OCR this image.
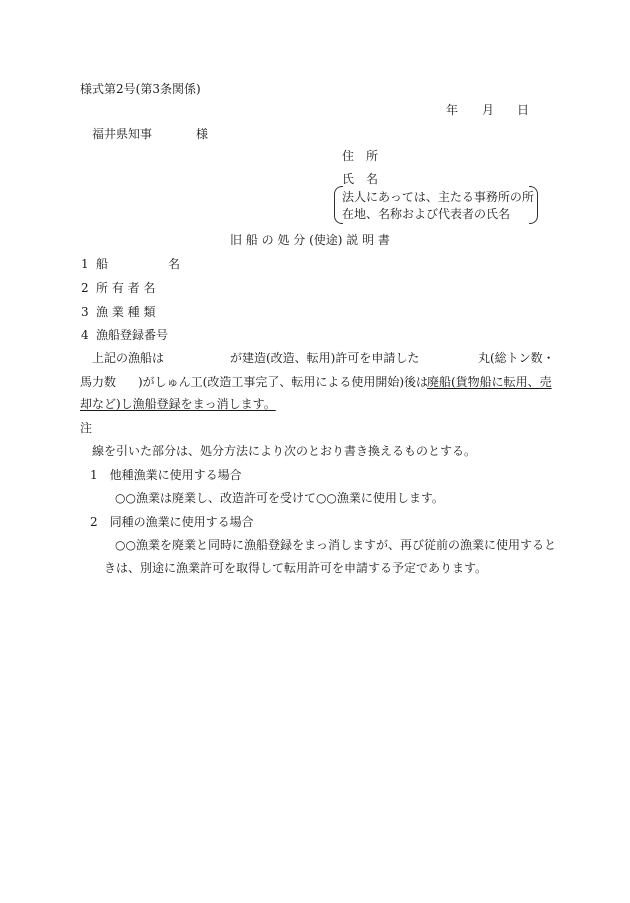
様式第2号(第3条関係)
年 月 日
福井県知事	様
住　所
氏　名
法人にあっては、主たる事務所の所
在地、名称および代表者の氏名
旧 船 の 処 分 (使途) 説 明 書
1 船　　　　　名
2 所 有 者 名
3 漁 業 種 類
4 漁船登録番号
上記の漁船は	が建造(改造、転用)許可を申請した	丸(総トン数・
馬力数 )がしゅん工(改造工事完了、転用による使用開始)後は
廃船(貨物船に転用、売
却など)し漁船登録をまっ消します。
注
線を引いた部分は、処分方法により次のとおり書き換えるものとする。
1　他種漁業に使用する場合
○○漁業は廃業し、改造許可を受けて○○漁業に使用します。
2　同種の漁業に使用する場合
○○漁業を廃業と同時に漁船登録をまっ消しますが、再び従前の漁業に使用すると
きは、別途に漁業許可を取得して転用許可を申請する予定であります。
